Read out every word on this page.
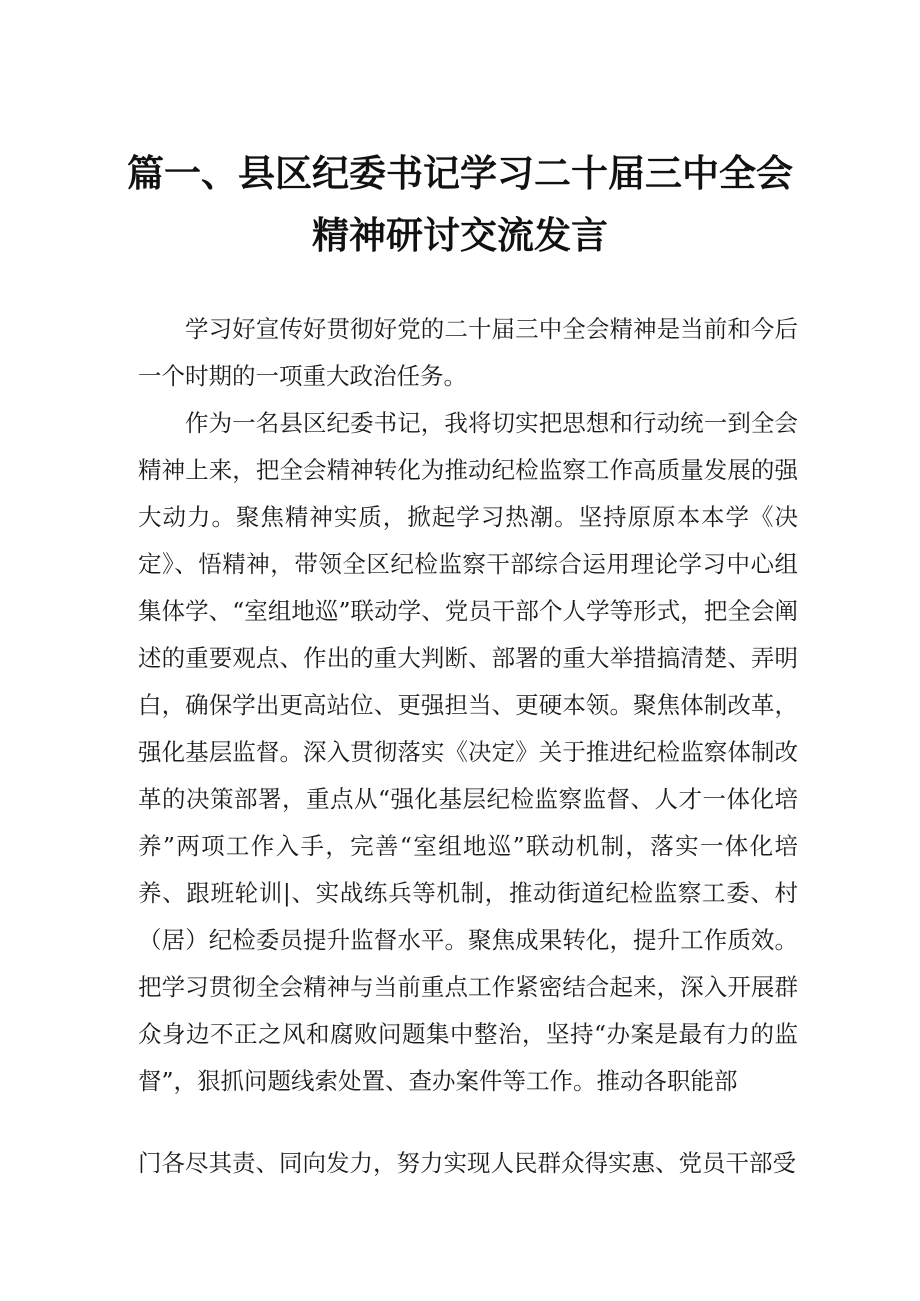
篇一、县区纪委书记学习二十届三中全会精神研讨交流发言

学习好宣传好贯彻好党的二十届三中全会精神是当前和今后一个时期的一项重大政治任务。

作为一名县区纪委书记，我将切实把思想和行动统一到全会精神上来，把全会精神转化为推动纪检监察工作高质量发展的强大动力。聚焦精神实质，掀起学习热潮。坚持原原本本学《决定》、悟精神，带领全区纪检监察干部综合运用理论学习中心组集体学、“室组地巡”联动学、党员干部个人学等形式，把全会阐述的重要观点、作出的重大判断、部署的重大举措搞清楚、弄明白，确保学出更高站位、更强担当、更硬本领。聚焦体制改革，强化基层监督。深入贯彻落实《决定》关于推进纪检监察体制改革的决策部署，重点从“强化基层纪检监察监督、人才一体化培养”两项工作入手，完善“室组地巡”联动机制，落实一体化培养、跟班轮训|、实战练兵等机制，推动街道纪检监察工委、村（居）纪检委员提升监督水平。聚焦成果转化，提升工作质效。把学习贯彻全会精神与当前重点工作紧密结合起来，深入开展群众身边不正之风和腐败问题集中整治，坚持“办案是最有力的监督”，狠抓问题线索处置、查办案件等工作。推动各职能部

门各尽其责、同向发力，努力实现人民群众得实惠、党员干部受
